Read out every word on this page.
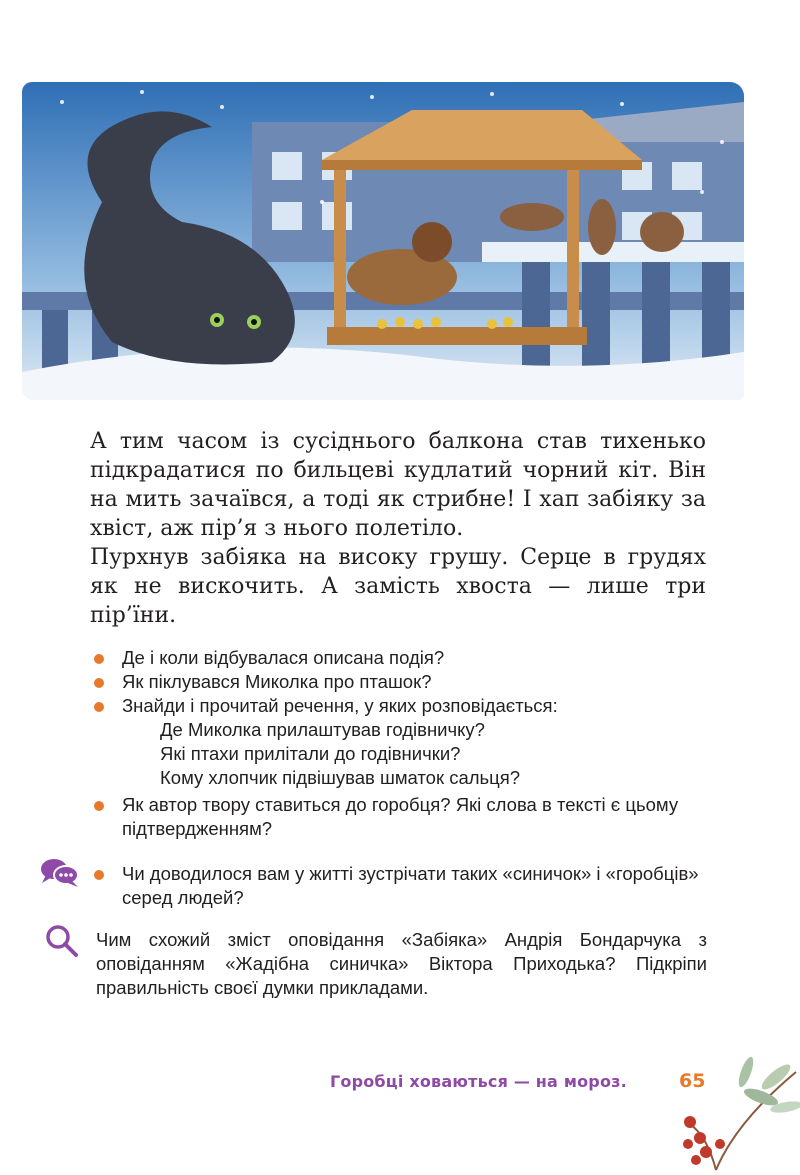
А тим часом із сусіднього балкона став тихенько підкрадатися по бильцеві кудлатий чорний кіт. Він на мить зачаївся, а тоді як стрибне! І хап забіяку за хвіст, аж пір’я з нього полетіло.

Пурхнув забіяка на високу грушу. Серце в грудях як не вискочить. А замість хвоста — лише три пір’їни.

Де і коли відбувалася описана подія?
Як піклувався Миколка про пташок?
Знайди і прочитай речення, у яких розповідається:
Де Миколка прилаштував годівничку?
Які птахи прилітали до годівнички?
Кому хлопчик підвішував шматок сальця?
Як автор твору ставиться до горобця? Які слова в тексті є цьому підтвердженням?
Чи доводилося вам у житті зустрічати таких «синичок» і «горобців» серед людей?
Чим схожий зміст оповідання «Забіяка» Андрія Бондарчука з оповіданням «Жадібна синичка» Віктора Приходька? Підкріпи правильність своєї думки прикладами.
Горобці ховаються — на мороз.	65
